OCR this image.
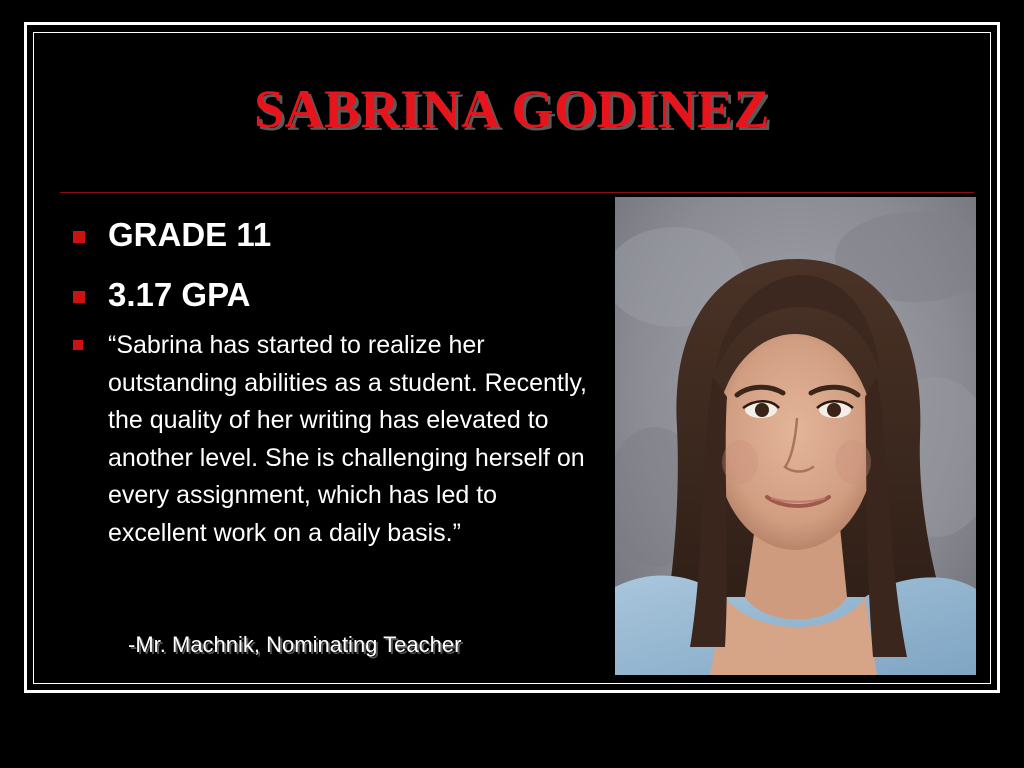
SABRINA GODINEZ
GRADE 11
3.17 GPA
“Sabrina has started to realize her outstanding abilities as a student. Recently, the quality of her writing has elevated to another level. She is challenging herself on every assignment, which has led to excellent work on a daily basis.”
-Mr. Machnik, Nominating Teacher
